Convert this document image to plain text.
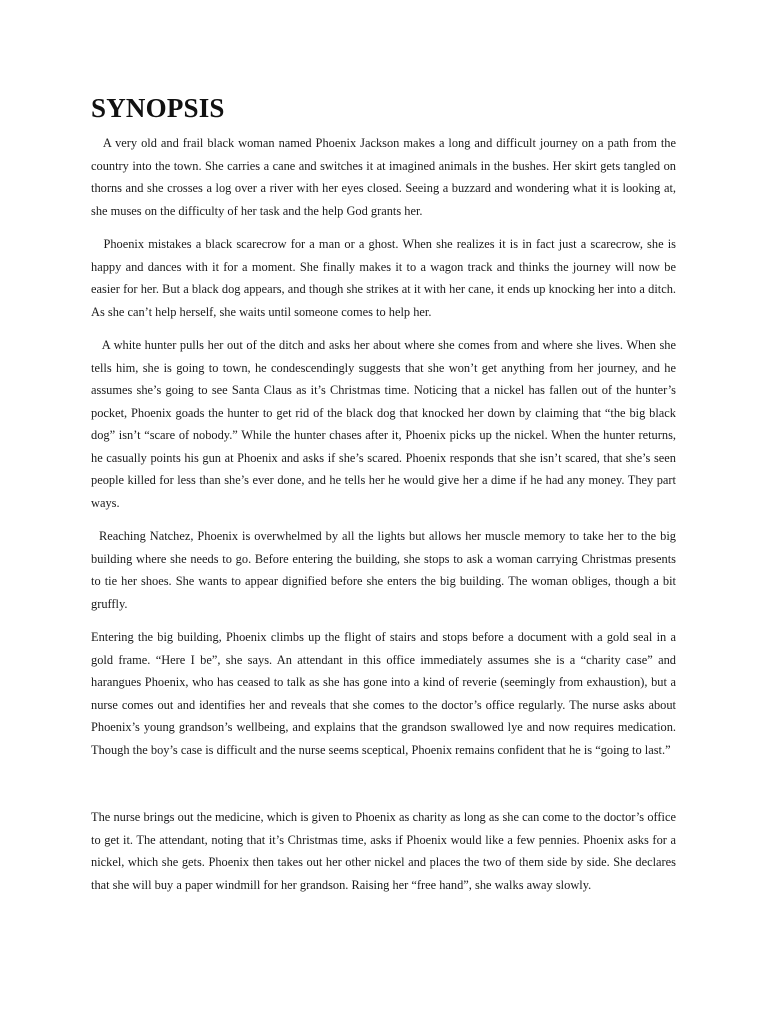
SYNOPSIS

A very old and frail black woman named Phoenix Jackson makes a long and difficult journey on a path from the country into the town. She carries a cane and switches it at imagined animals in the bushes. Her skirt gets tangled on thorns and she crosses a log over a river with her eyes closed. Seeing a buzzard and wondering what it is looking at, she muses on the difficulty of her task and the help God grants her.

Phoenix mistakes a black scarecrow for a man or a ghost. When she realizes it is in fact just a scarecrow, she is happy and dances with it for a moment. She finally makes it to a wagon track and thinks the journey will now be easier for her. But a black dog appears, and though she strikes at it with her cane, it ends up knocking her into a ditch. As she can’t help herself, she waits until someone comes to help her.

A white hunter pulls her out of the ditch and asks her about where she comes from and where she lives. When she tells him, she is going to town, he condescendingly suggests that she won’t get anything from her journey, and he assumes she’s going to see Santa Claus as it’s Christmas time. Noticing that a nickel has fallen out of the hunter’s pocket, Phoenix goads the hunter to get rid of the black dog that knocked her down by claiming that “the big black dog” isn’t “scare of nobody.” While the hunter chases after it, Phoenix picks up the nickel. When the hunter returns, he casually points his gun at Phoenix and asks if she’s scared. Phoenix responds that she isn’t scared, that she’s seen people killed for less than she’s ever done, and he tells her he would give her a dime if he had any money. They part ways.

Reaching Natchez, Phoenix is overwhelmed by all the lights but allows her muscle memory to take her to the big building where she needs to go. Before entering the building, she stops to ask a woman carrying Christmas presents to tie her shoes. She wants to appear dignified before she enters the big building. The woman obliges, though a bit gruffly.

Entering the big building, Phoenix climbs up the flight of stairs and stops before a document with a gold seal in a gold frame. “Here I be”, she says. An attendant in this office immediately assumes she is a “charity case” and harangues Phoenix, who has ceased to talk as she has gone into a kind of reverie (seemingly from exhaustion), but a nurse comes out and identifies her and reveals that she comes to the doctor’s office regularly. The nurse asks about Phoenix’s young grandson’s wellbeing, and explains that the grandson swallowed lye and now requires medication. Though the boy’s case is difficult and the nurse seems sceptical, Phoenix remains confident that he is “going to last.”

The nurse brings out the medicine, which is given to Phoenix as charity as long as she can come to the doctor’s office to get it. The attendant, noting that it’s Christmas time, asks if Phoenix would like a few pennies. Phoenix asks for a nickel, which she gets. Phoenix then takes out her other nickel and places the two of them side by side. She declares that she will buy a paper windmill for her grandson. Raising her “free hand”, she walks away slowly.
